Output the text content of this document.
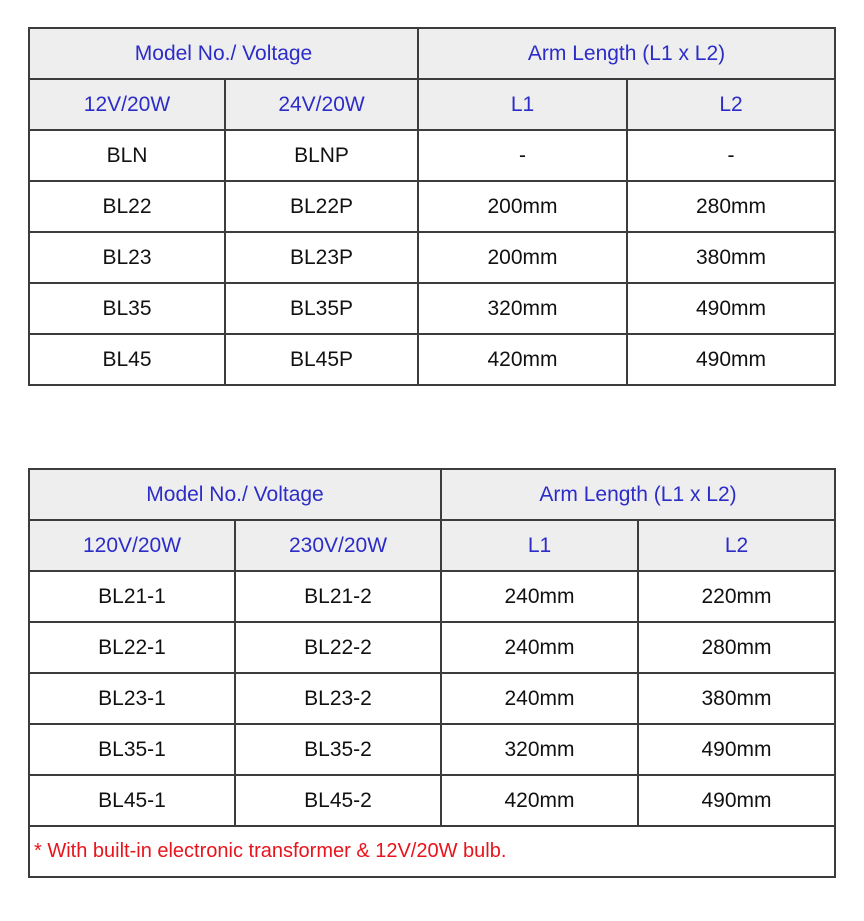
Model No./ Voltage		Arm Length (L1 x L2)	
12V/20W	24V/20W	L1	L2
BLN	BLNP	-	-
BL22	BL22P	200mm	280mm
BL23	BL23P	200mm	380mm
BL35	BL35P	320mm	490mm
BL45	BL45P	420mm	490mm
Model No./ Voltage		Arm Length (L1 x L2)	
120V/20W	230V/20W	L1	L2
BL21-1	BL21-2	240mm	220mm
BL22-1	BL22-2	240mm	280mm
BL23-1	BL23-2	240mm	380mm
BL35-1	BL35-2	320mm	490mm
BL45-1	BL45-2	420mm	490mm
* With built-in electronic transformer & 12V/20W bulb.			
